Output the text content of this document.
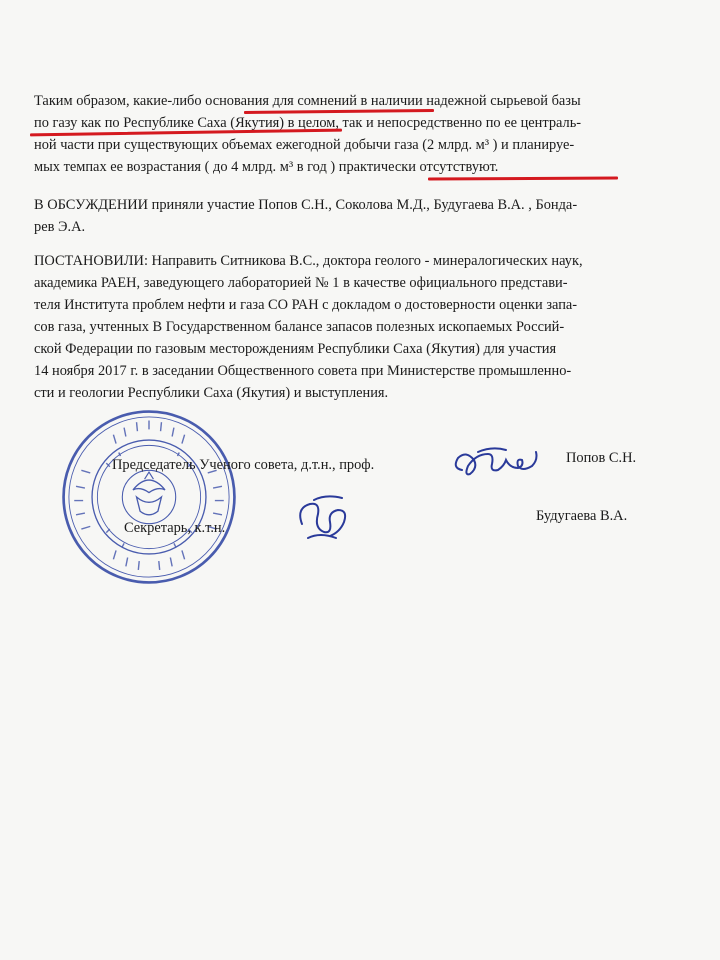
Таким образом, какие-либо основания для сомнений в наличии надежной сырьевой базы
по газу как по Республике Саха (Якутия) в целом, так и непосредственно по ее централь-
ной части при существующих объемах ежегодной добычи газа (2 млрд. м³ ) и планируе-
мых темпах ее возрастания ( до 4 млрд. м³ в год ) практически отсутствуют.
В ОБСУЖДЕНИИ приняли участие Попов С.Н., Соколова М.Д., Будугаева В.А. , Бонда-
рев Э.А.
ПОСТАНОВИЛИ: Направить Ситникова В.С., доктора геолого - минералогических наук,
академика РАЕН, заведующего лабораторией № 1 в качестве официального представи-
теля Института проблем нефти и газа СО РАН с докладом о достоверности оценки запа-
сов газа, учтенных В Государственном балансе запасов полезных ископаемых Россий-
ской Федерации по газовым месторождениям Республики Саха (Якутия) для участия
14 ноября 2017 г. в заседании Общественного совета при Министерстве промышленно-
сти и геологии Республики Саха (Якутия) и выступления.
Председатель Ученого совета, д.т.н., проф.	Попов С.Н.
Секретарь, к.т.н.
Будугаева В.А.
